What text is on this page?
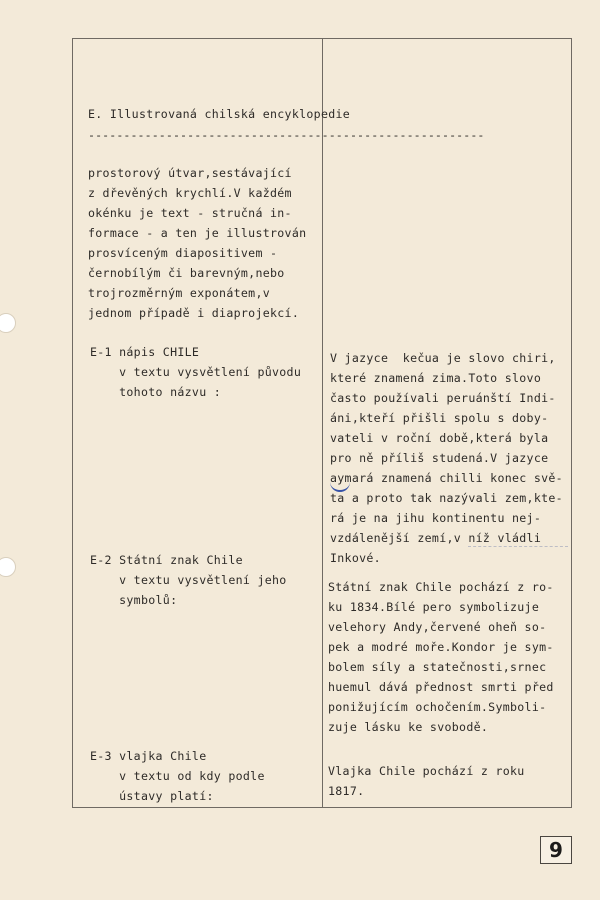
E. Illustrovaná chilská encyklopedie
--------------------------------------------------------
prostorový útvar,sestávající
z dřevěných krychlí.V každém
okénku je text - stručná in-
formace - a ten je illustrován
prosvíceným diapositivem -
černobílým či barevným,nebo
trojrozměrným exponátem,v
jednom případě i diaprojekcí.
E-1 nápis CHILE
v textu vysvětlení původu
tohoto názvu :
V jazyce  kečua je slovo chiri,
které znamená zima.Toto slovo
často používali peruánští Indi-
áni,kteří přišli spolu s doby-
vateli v roční době,která byla
pro ně příliš studená.V jazyce
aymará znamená chilli konec svě-
ta a proto tak nazývali zem,kte-
rá je na jihu kontinentu nej-
vzdálenější zemí,v níž vládli
Inkové.
E-2 Státní znak Chile
v textu vysvětlení jeho
symbolů:
Státní znak Chile pochází z ro-
ku 1834.Bílé pero symbolizuje
velehory Andy,červené oheň so-
pek a modré moře.Kondor je sym-
bolem síly a statečnosti,srnec
huemul dává přednost smrti před
ponižujícím ochočením.Symboli-
zuje lásku ke svobodě.
E-3 vlajka Chile
v textu od kdy podle
ústavy platí:
Vlajka Chile pochází z roku
1817.
9
